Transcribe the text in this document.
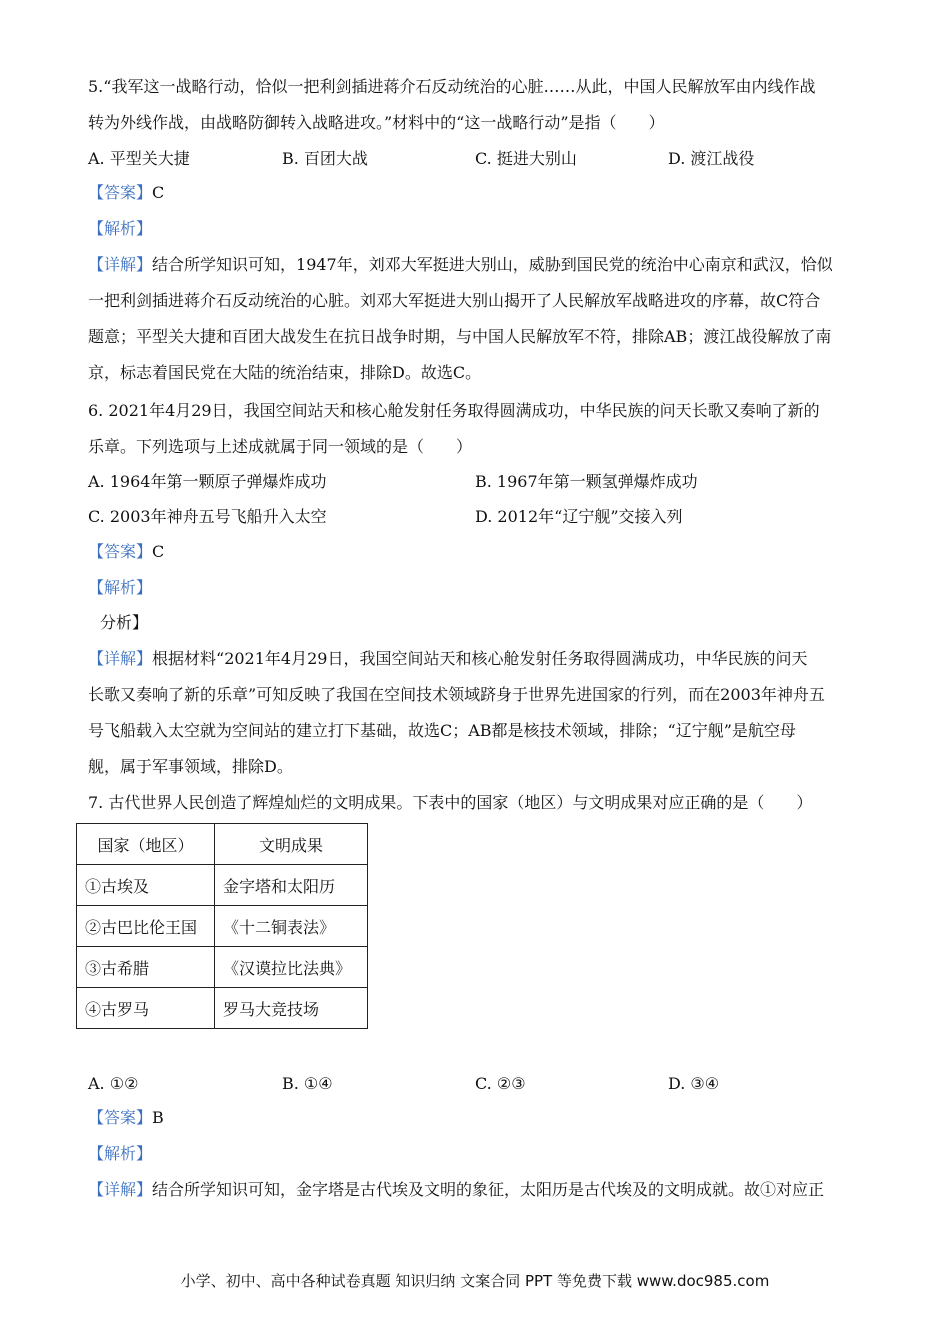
5.“我军这一战略行动，恰似一把利剑插进蒋介石反动统治的心脏……从此，中国人民解放军由内线作战
转为外线作战，由战略防御转入战略进攻。”材料中的“这一战略行动”是指（　　）
A. 平型关大捷	B. 百团大战	C. 挺进大别山	D. 渡江战役
【答案】C
【解析】
【详解】结合所学知识可知，1947年，刘邓大军挺进大别山，威胁到国民党的统治中心南京和武汉，恰似
一把利剑插进蒋介石反动统治的心脏。刘邓大军挺进大别山揭开了人民解放军战略进攻的序幕，故C符合
题意；平型关大捷和百团大战发生在抗日战争时期，与中国人民解放军不符，排除AB；渡江战役解放了南
京，标志着国民党在大陆的统治结束，排除D。故选C。
6. 2021年4月29日，我国空间站天和核心舱发射任务取得圆满成功，中华民族的问天长歌又奏响了新的
乐章。下列选项与上述成就属于同一领域的是（　　）
A. 1964年第一颗原子弹爆炸成功	B. 1967年第一颗氢弹爆炸成功
C. 2003年神舟五号飞船升入太空	D. 2012年“辽宁舰”交接入列
【答案】C
【解析】
分析】
【详解】根据材料“2021年4月29日，我国空间站天和核心舱发射任务取得圆满成功，中华民族的问天
长歌又奏响了新的乐章”可知反映了我国在空间技术领域跻身于世界先进国家的行列，而在2003年神舟五
号飞船载入太空就为空间站的建立打下基础，故选C；AB都是核技术领域，排除；“辽宁舰”是航空母
舰，属于军事领域，排除D。
7. 古代世界人民创造了辉煌灿烂的文明成果。下表中的国家（地区）与文明成果对应正确的是（　　）
国家（地区）	文明成果
①古埃及	金字塔和太阳历
②古巴比伦王国	《十二铜表法》
③古希腊	《汉谟拉比法典》
④古罗马	罗马大竞技场
A. ①②	B. ①④	C. ②③	D. ③④
【答案】B
【解析】
【详解】结合所学知识可知，金字塔是古代埃及文明的象征，太阳历是古代埃及的文明成就。故①对应正
小学、初中、高中各种试卷真题 知识归纳 文案合同 PPT 等免费下载 www.doc985.com
